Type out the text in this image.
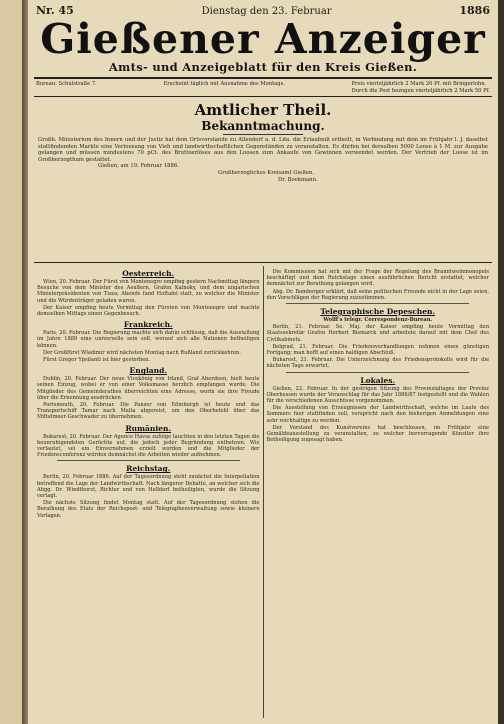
Nr. 45	Dienstag den 23. Februar	1886
Gießener Anzeiger
Amts- und Anzeigeblatt für den Kreis Gießen.
Bureau: Schulstraße 7.	Erscheint täglich mit Ausnahme des Montags.	Preis vierteljährlich 2 Mark 20 Pf. mit Bringerlohn.
Durch die Post bezogen vierteljährlich 2 Mark 50 Pf.
Amtlicher Theil.
Bekanntmachung.
Großh. Ministerium des Innern und der Justiz hat dem Ortsvorstande zu Allendorf a. d. Lda. die Erlaubniß ertheilt, in Verbindung mit dem im Frühjahr l. J. daselbst stattfindenden Markte eine Verloosung von Vieh und landwirthschaftlichen Gegenständen zu veranstalten. Es dürfen bei derselben 5000 Loose à 1 M. zur Ausgabe gelangen und müssen mindestens 70 pCt. des Bruttoerlöses aus den Loosen zum Ankaufe von Gewinnen verwendet werden. Der Vertrieb der Loose ist im Großherzogthum gestattet.
Gießen, am 19. Februar 1886.
Großherzogliches Kreisamt Gießen.
Dr. Boekmann.
Oesterreich.
Wien, 20. Februar. Der Fürst von Montenegro empfing gestern Nachmittag längere Besuche von dem Minister des Aeußern, Grafen Kalnoky, und dem ungarischen Ministerpräsidenten von Tisza; Abends fand Hoftafel statt, zu welcher die Minister und die Würdenträger geladen waren.
Der Kaiser empfing heute Vormittag den Fürsten von Montenegro und machte demselben Mittags einen Gegenbesuch.
Frankreich.
Paris, 20. Februar. Die Regierung machte sich dahin schlüssig, daß die Ausstellung im Jahre 1889 eine universelle sein soll, worauf sich alle Nationen betheiligen können.
Der Großfürst Wladimir wird nächsten Montag nach Rußland zurückkehren.
Fürst Gregor Ypsilanti ist hier gestorben.
England.
Dublin, 20. Februar. Der neue Vicekönig von Irland, Graf Aberdeen, hielt heute seinen Einzug, wobei er von einer Volksmasse herzlich empfangen wurde. Die Mitglieder des Gemeinderathes überreichten eine Adresse, worin sie ihre Freude über die Ernennung ausdrücken.
Portsmouth, 20. Februar. Die Panzer von Edinburgh ist heute und das Transportschiff Tamar nach Malta abgereist, um den Oberbefehl über das Mittelmeer-Geschwader zu übernehmen.
Rumänien.
Bukarest, 20. Februar. Der Agence Havas zufolge tauchten in den letzten Tagen die beunruhigendsten Gerüchte auf, die jedoch jeder Begründung entbehren. Wie verlautet, sei ein Einvernehmen erzielt worden und die Mitglieder der Friedensconferenz würden demnächst die Arbeiten wieder aufnehmen.
Reichstag.
Berlin, 20. Februar 1886. Auf der Tagesordnung steht zunächst die Interpellation betreffend die Lage der Landwirthschaft. Nach längerer Debatte, an welcher sich die Abgg. Dr. Windthorst, Richter und von Helldorf betheiligten, wurde die Sitzung vertagt.
Die nächste Sitzung findet Montag statt. Auf der Tagesordnung stehen die Berathung des Etats der Reichspost- und Telegraphenverwaltung sowie kleinere Vorlagen.
Die Kommission hat sich mit der Frage der Regelung des Branntweinmonopols beschäftigt und dem Reichstage einen ausführlichen Bericht erstattet, welcher demnächst zur Berathung gelangen wird.
Abg. Dr. Bamberger erklärt, daß seine politischen Freunde nicht in der Lage seien, den Vorschlägen der Regierung zuzustimmen.
Telegraphische Depeschen.
Wolff's telegr. Correspondenz-Bureau.
Berlin, 21. Februar. Se. Maj. der Kaiser empfing heute Vormittag den Staatssekretär Grafen Herbert Bismarck und arbeitete darauf mit dem Chef des Civilkabinets.
Belgrad, 21. Februar. Die Friedensverhandlungen nehmen einen günstigen Fortgang; man hofft auf einen baldigen Abschluß.
Bukarest, 21. Februar. Die Unterzeichnung des Friedensprotokolls wird für die nächsten Tage erwartet.
Lokales.
Gießen, 22. Februar. In der gestrigen Sitzung des Provinzialtages der Provinz Oberhessen wurde der Voranschlag für das Jahr 1886/87 festgestellt und die Wahlen für die verschiedenen Ausschüsse vorgenommen.
Die Ausstellung von Erzeugnissen der Landwirthschaft, welche im Laufe des Sommers hier stattfinden soll, verspricht nach den bisherigen Anmeldungen eine sehr reichhaltige zu werden.
Der Vorstand des Kunstvereins hat beschlossen, im Frühjahr eine Gemäldeausstellung zu veranstalten, zu welcher hervorragende Künstler ihre Betheiligung zugesagt haben.
